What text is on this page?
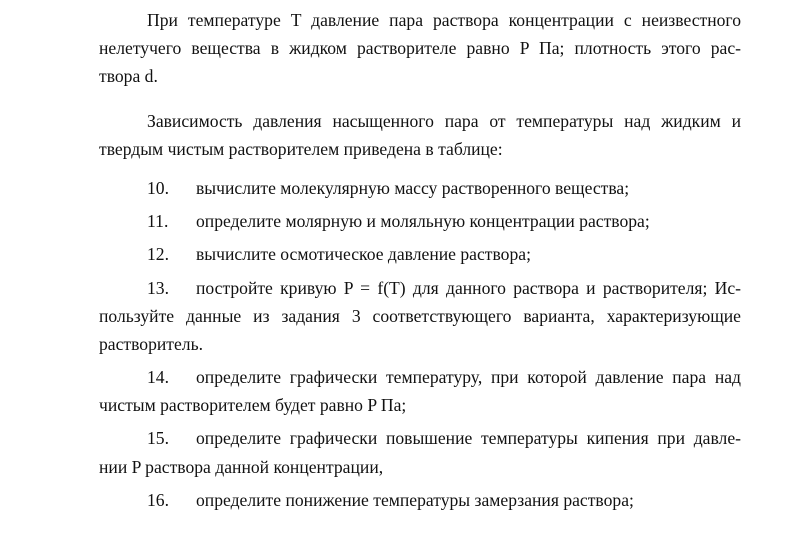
При температуре T давление пара раствора концентрации с неизвестного
нелетучего вещества в жидком растворителе равно P Па; плотность этого рас-
твора d.
Зависимость давления насыщенного пара от температуры над жидким и
твердым чистым растворителем приведена в таблице:
10.	вычислите молекулярную массу растворенного вещества;
11.	определите молярную и моляльную концентрации раствора;
12.	вычислите осмотическое давление раствора;
13.	постройте кривую P = f(T) для данного раствора и растворителя; Ис-
пользуйте данные из задания 3 соответствующего варианта, характеризующие
растворитель.
14.	определите графически температуру, при которой давление пара над
чистым растворителем будет равно P Па;
15.	определите графически повышение температуры кипения при давле-
нии P раствора данной концентрации,
16.	определите понижение температуры замерзания раствора;
